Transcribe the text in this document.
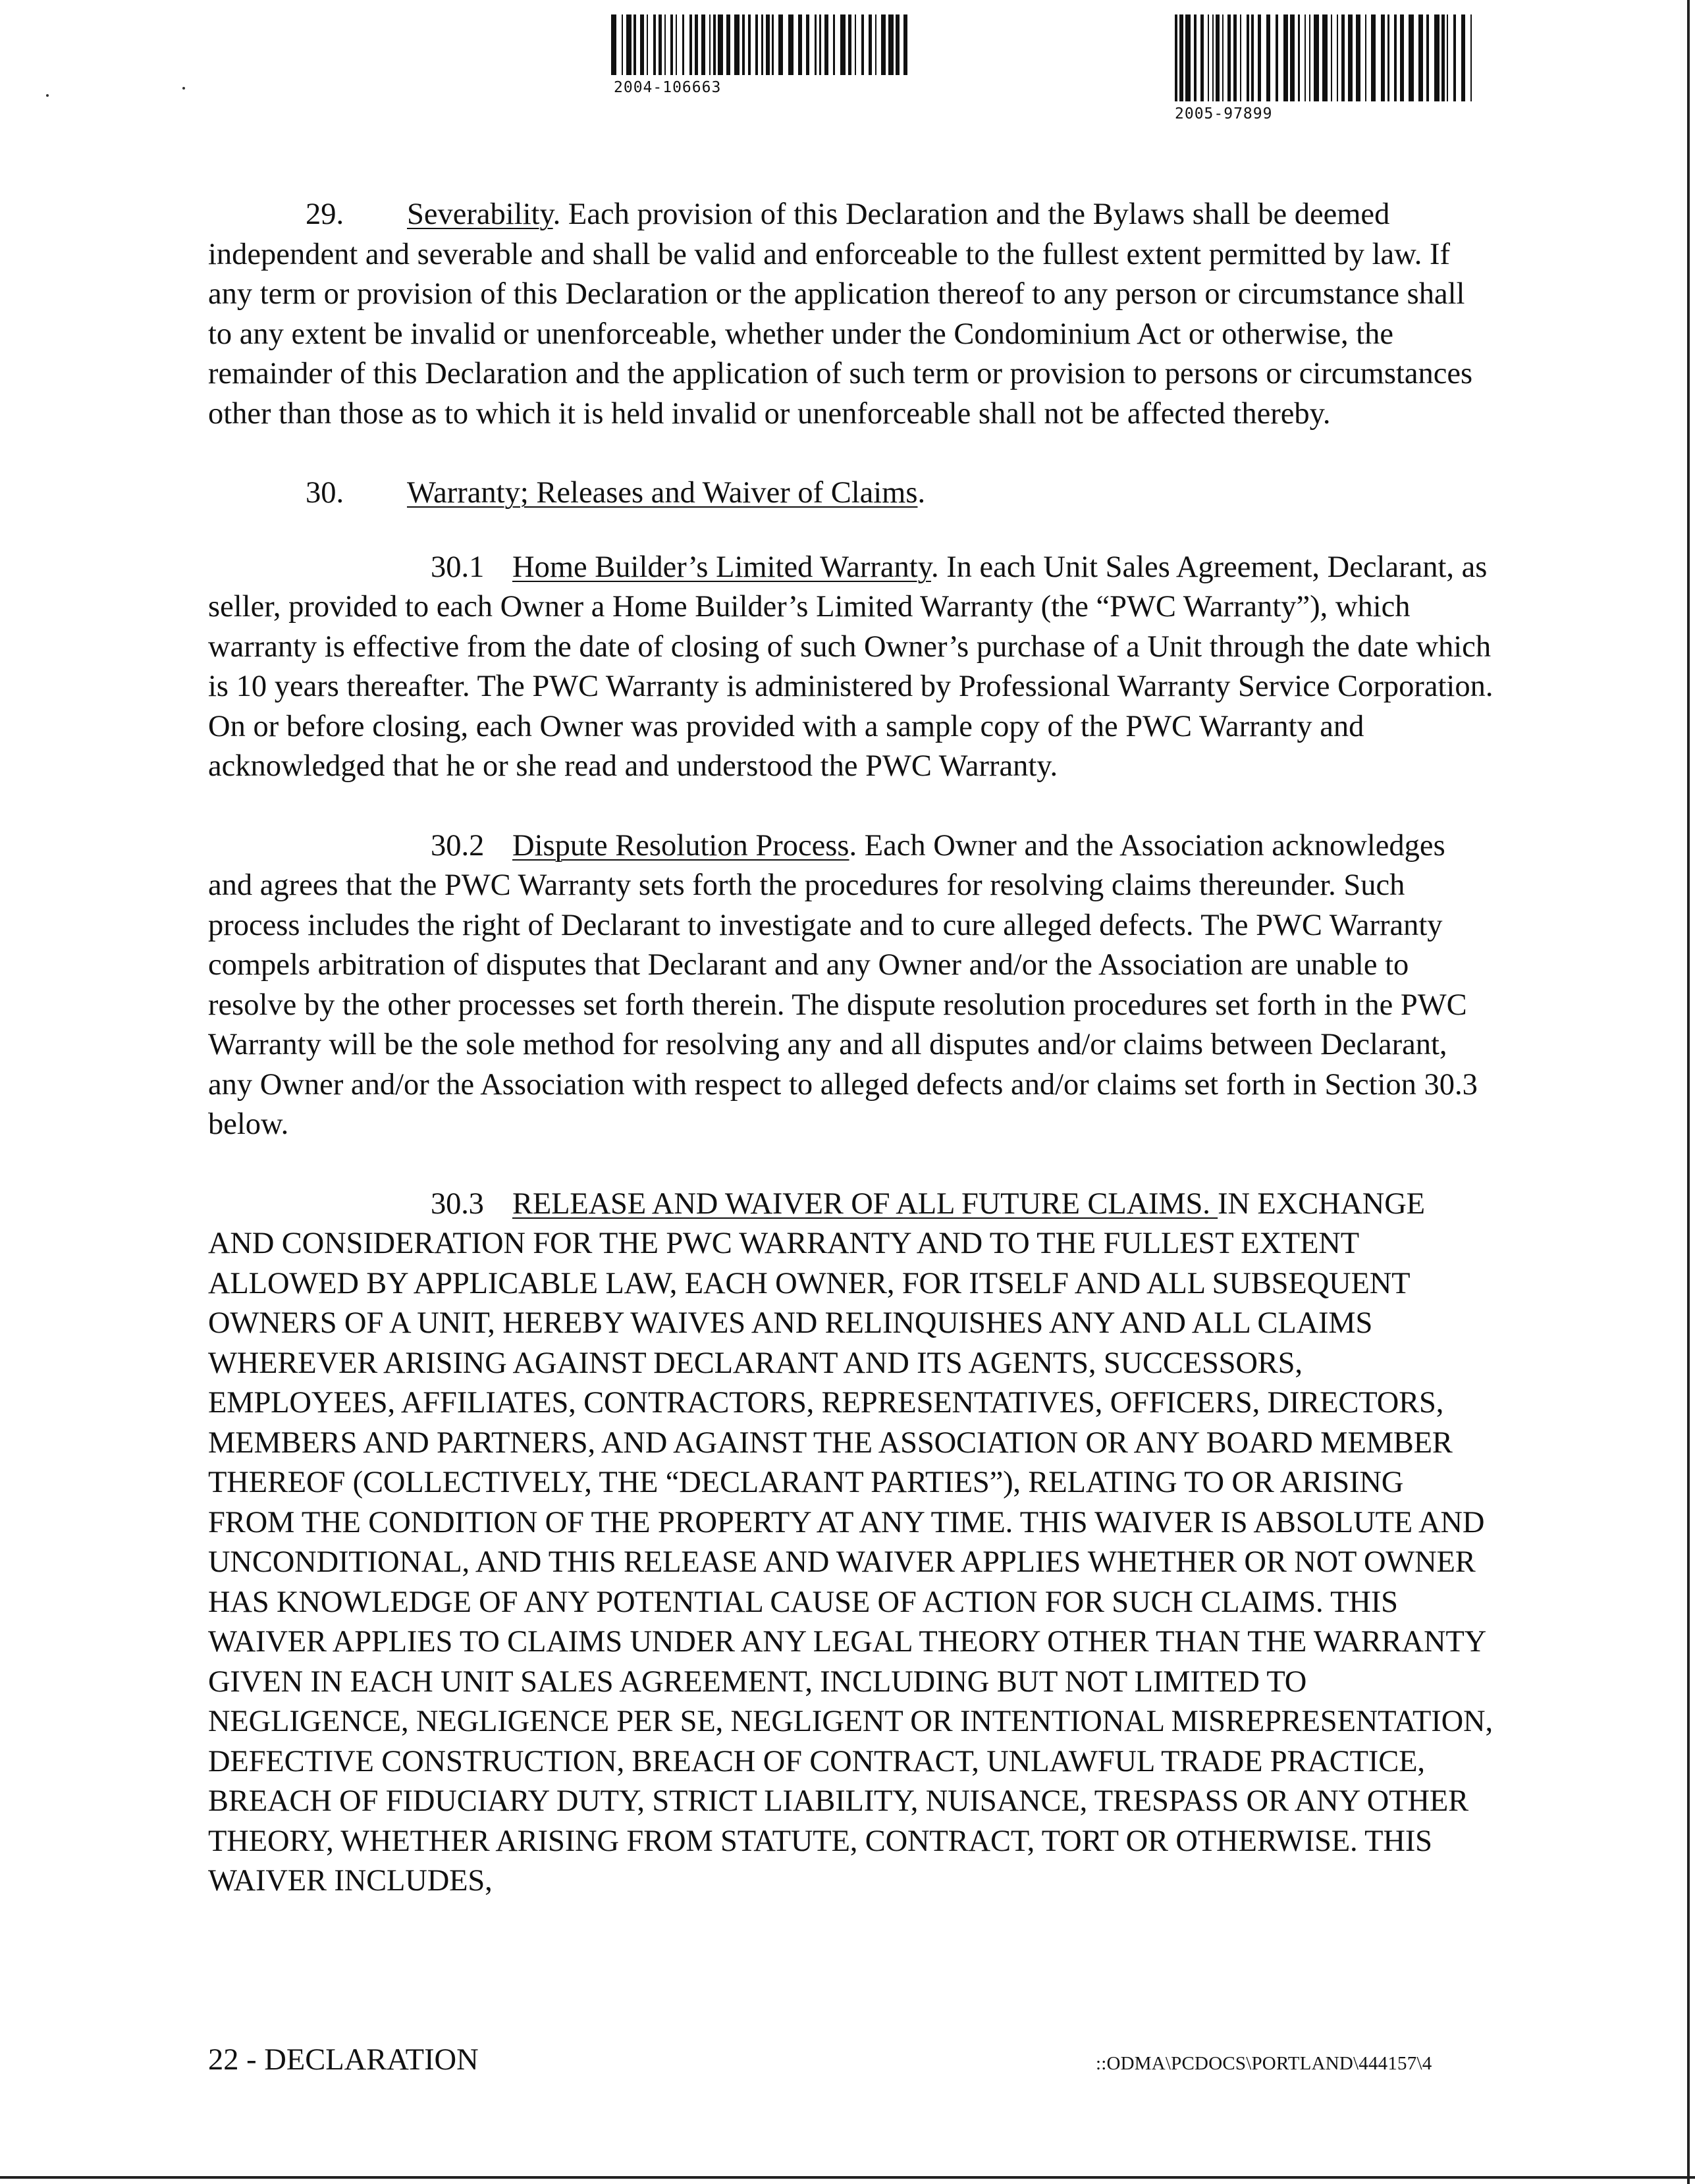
2004-106663
2005-97899

29. Severability. Each provision of this Declaration and the Bylaws shall be deemed independent and severable and shall be valid and enforceable to the fullest extent permitted by law. If any term or provision of this Declaration or the application thereof to any person or circumstance shall to any extent be invalid or unenforceable, whether under the Condominium Act or otherwise, the remainder of this Declaration and the application of such term or provision to persons or circumstances other than those as to which it is held invalid or unenforceable shall not be affected thereby.

30. Warranty; Releases and Waiver of Claims.

30.1 Home Builder’s Limited Warranty. In each Unit Sales Agreement, Declarant, as seller, provided to each Owner a Home Builder’s Limited Warranty (the “PWC Warranty”), which warranty is effective from the date of closing of such Owner’s purchase of a Unit through the date which is 10 years thereafter. The PWC Warranty is administered by Professional Warranty Service Corporation. On or before closing, each Owner was provided with a sample copy of the PWC Warranty and acknowledged that he or she read and understood the PWC Warranty.

30.2 Dispute Resolution Process. Each Owner and the Association acknowledges and agrees that the PWC Warranty sets forth the procedures for resolving claims thereunder. Such process includes the right of Declarant to investigate and to cure alleged defects. The PWC Warranty compels arbitration of disputes that Declarant and any Owner and/or the Association are unable to resolve by the other processes set forth therein. The dispute resolution procedures set forth in the PWC Warranty will be the sole method for resolving any and all disputes and/or claims between Declarant, any Owner and/or the Association with respect to alleged defects and/or claims set forth in Section 30.3 below.

30.3 RELEASE AND WAIVER OF ALL FUTURE CLAIMS. IN EXCHANGE AND CONSIDERATION FOR THE PWC WARRANTY AND TO THE FULLEST EXTENT ALLOWED BY APPLICABLE LAW, EACH OWNER, FOR ITSELF AND ALL SUBSEQUENT OWNERS OF A UNIT, HEREBY WAIVES AND RELINQUISHES ANY AND ALL CLAIMS WHEREVER ARISING AGAINST DECLARANT AND ITS AGENTS, SUCCESSORS, EMPLOYEES, AFFILIATES, CONTRACTORS, REPRESENTATIVES, OFFICERS, DIRECTORS, MEMBERS AND PARTNERS, AND AGAINST THE ASSOCIATION OR ANY BOARD MEMBER THEREOF (COLLECTIVELY, THE “DECLARANT PARTIES”), RELATING TO OR ARISING FROM THE CONDITION OF THE PROPERTY AT ANY TIME. THIS WAIVER IS ABSOLUTE AND UNCONDITIONAL, AND THIS RELEASE AND WAIVER APPLIES WHETHER OR NOT OWNER HAS KNOWLEDGE OF ANY POTENTIAL CAUSE OF ACTION FOR SUCH CLAIMS. THIS WAIVER APPLIES TO CLAIMS UNDER ANY LEGAL THEORY OTHER THAN THE WARRANTY GIVEN IN EACH UNIT SALES AGREEMENT, INCLUDING BUT NOT LIMITED TO NEGLIGENCE, NEGLIGENCE PER SE, NEGLIGENT OR INTENTIONAL MISREPRESENTATION, DEFECTIVE CONSTRUCTION, BREACH OF CONTRACT, UNLAWFUL TRADE PRACTICE, BREACH OF FIDUCIARY DUTY, STRICT LIABILITY, NUISANCE, TRESPASS OR ANY OTHER THEORY, WHETHER ARISING FROM STATUTE, CONTRACT, TORT OR OTHERWISE. THIS WAIVER INCLUDES,

22 - DECLARATION	::ODMA\PCDOCS\PORTLAND\444157\4
